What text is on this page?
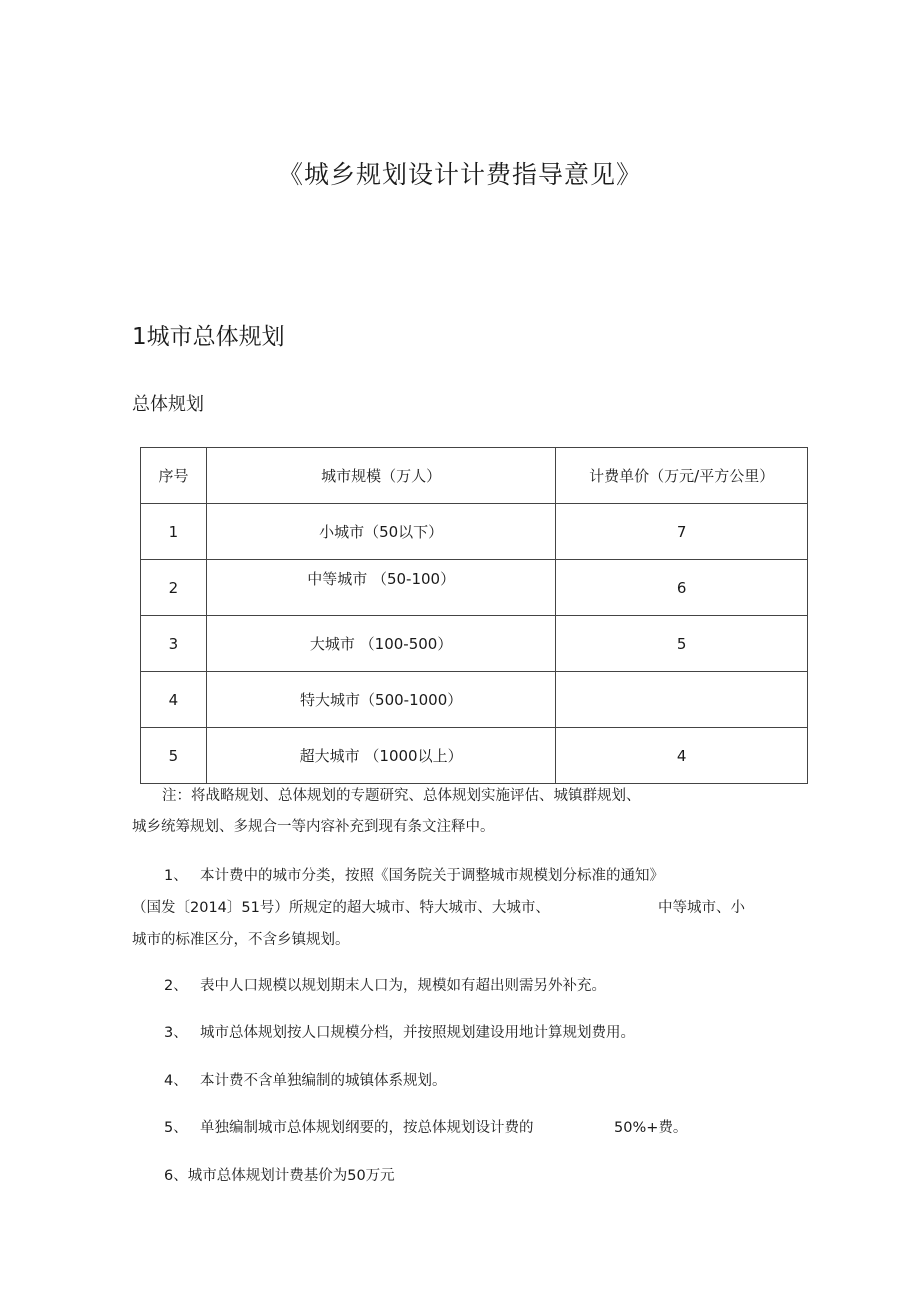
《城乡规划设计计费指导意见》
1城市总体规划
总体规划
序号	城市规模（万人）	计费单价（万元/平方公里）
1	小城市（50以下）	7
2	中等城市 （50-100）	6
3	大城市 （100-500）	5
4	特大城市（500-1000）	
5	超大城市 （1000以上）	4
注：将战略规划、总体规划的专题研究、总体规划实施评估、城镇群规划、
城乡统筹规划、多规合一等内容补充到现有条文注释中。
1、 本计费中的城市分类，按照《国务院关于调整城市规模划分标准的通知》
（国发〔2014〕51号）所规定的超大城市、特大城市、大城市、	中等城市、小
城市的标准区分，不含乡镇规划。
2、 表中人口规模以规划期末人口为，规模如有超出则需另外补充。
3、 城市总体规划按人口规模分档，并按照规划建设用地计算规划费用。
4、 本计费不含单独编制的城镇体系规划。
5、 单独编制城市总体规划纲要的，按总体规划设计费的	50%+费。
6、城市总体规划计费基价为50万元
